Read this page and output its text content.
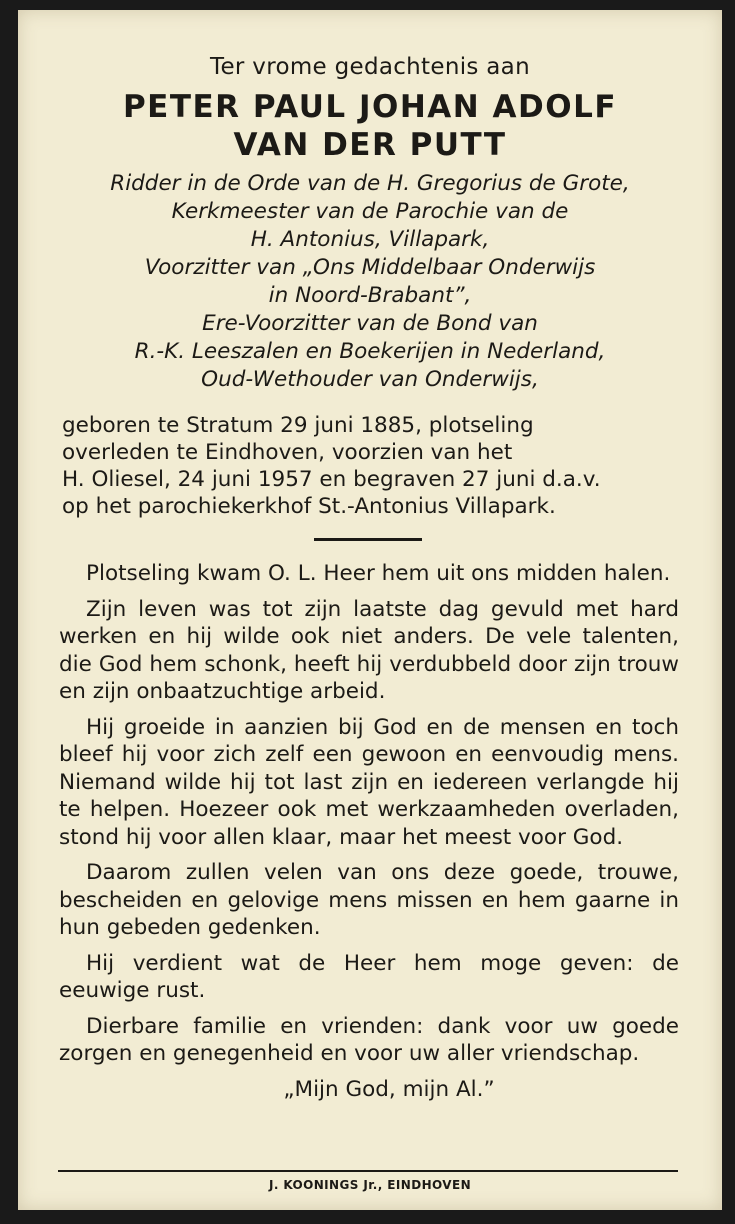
Ter vrome gedachtenis aan
PETER PAUL JOHAN ADOLF
VAN DER PUTT
Ridder in de Orde van de H. Gregorius de Grote,
Kerkmeester van de Parochie van de
H. Antonius, Villapark,
Voorzitter van „Ons Middelbaar Onderwijs
in Noord-Brabant”,
Ere-Voorzitter van de Bond van
R.-K. Leeszalen en Boekerijen in Nederland,
Oud-Wethouder van Onderwijs,
geboren te Stratum 29 juni 1885, plotseling
overleden te Eindhoven, voorzien van het
H. Oliesel, 24 juni 1957 en begraven 27 juni d.a.v.
op het parochiekerkhof St.-Antonius Villapark.
Plotseling kwam O. L. Heer hem uit ons midden halen.
Zijn leven was tot zijn laatste dag gevuld met hard werken en hij wilde ook niet anders. De vele talenten, die God hem schonk, heeft hij verdubbeld door zijn trouw en zijn onbaatzuchtige arbeid.
Hij groeide in aanzien bij God en de mensen en toch bleef hij voor zich zelf een gewoon en eenvoudig mens. Niemand wilde hij tot last zijn en iedereen verlangde hij te helpen. Hoezeer ook met werkzaamheden overladen, stond hij voor allen klaar, maar het meest voor God.
Daarom zullen velen van ons deze goede, trouwe, bescheiden en gelovige mens missen en hem gaarne in hun gebeden gedenken.
Hij verdient wat de Heer hem moge geven: de eeuwige rust.
Dierbare familie en vrienden: dank voor uw goede zorgen en genegenheid en voor uw aller vriendschap.
„Mijn God, mijn Al.”
J. KOONINGS Jr., EINDHOVEN
